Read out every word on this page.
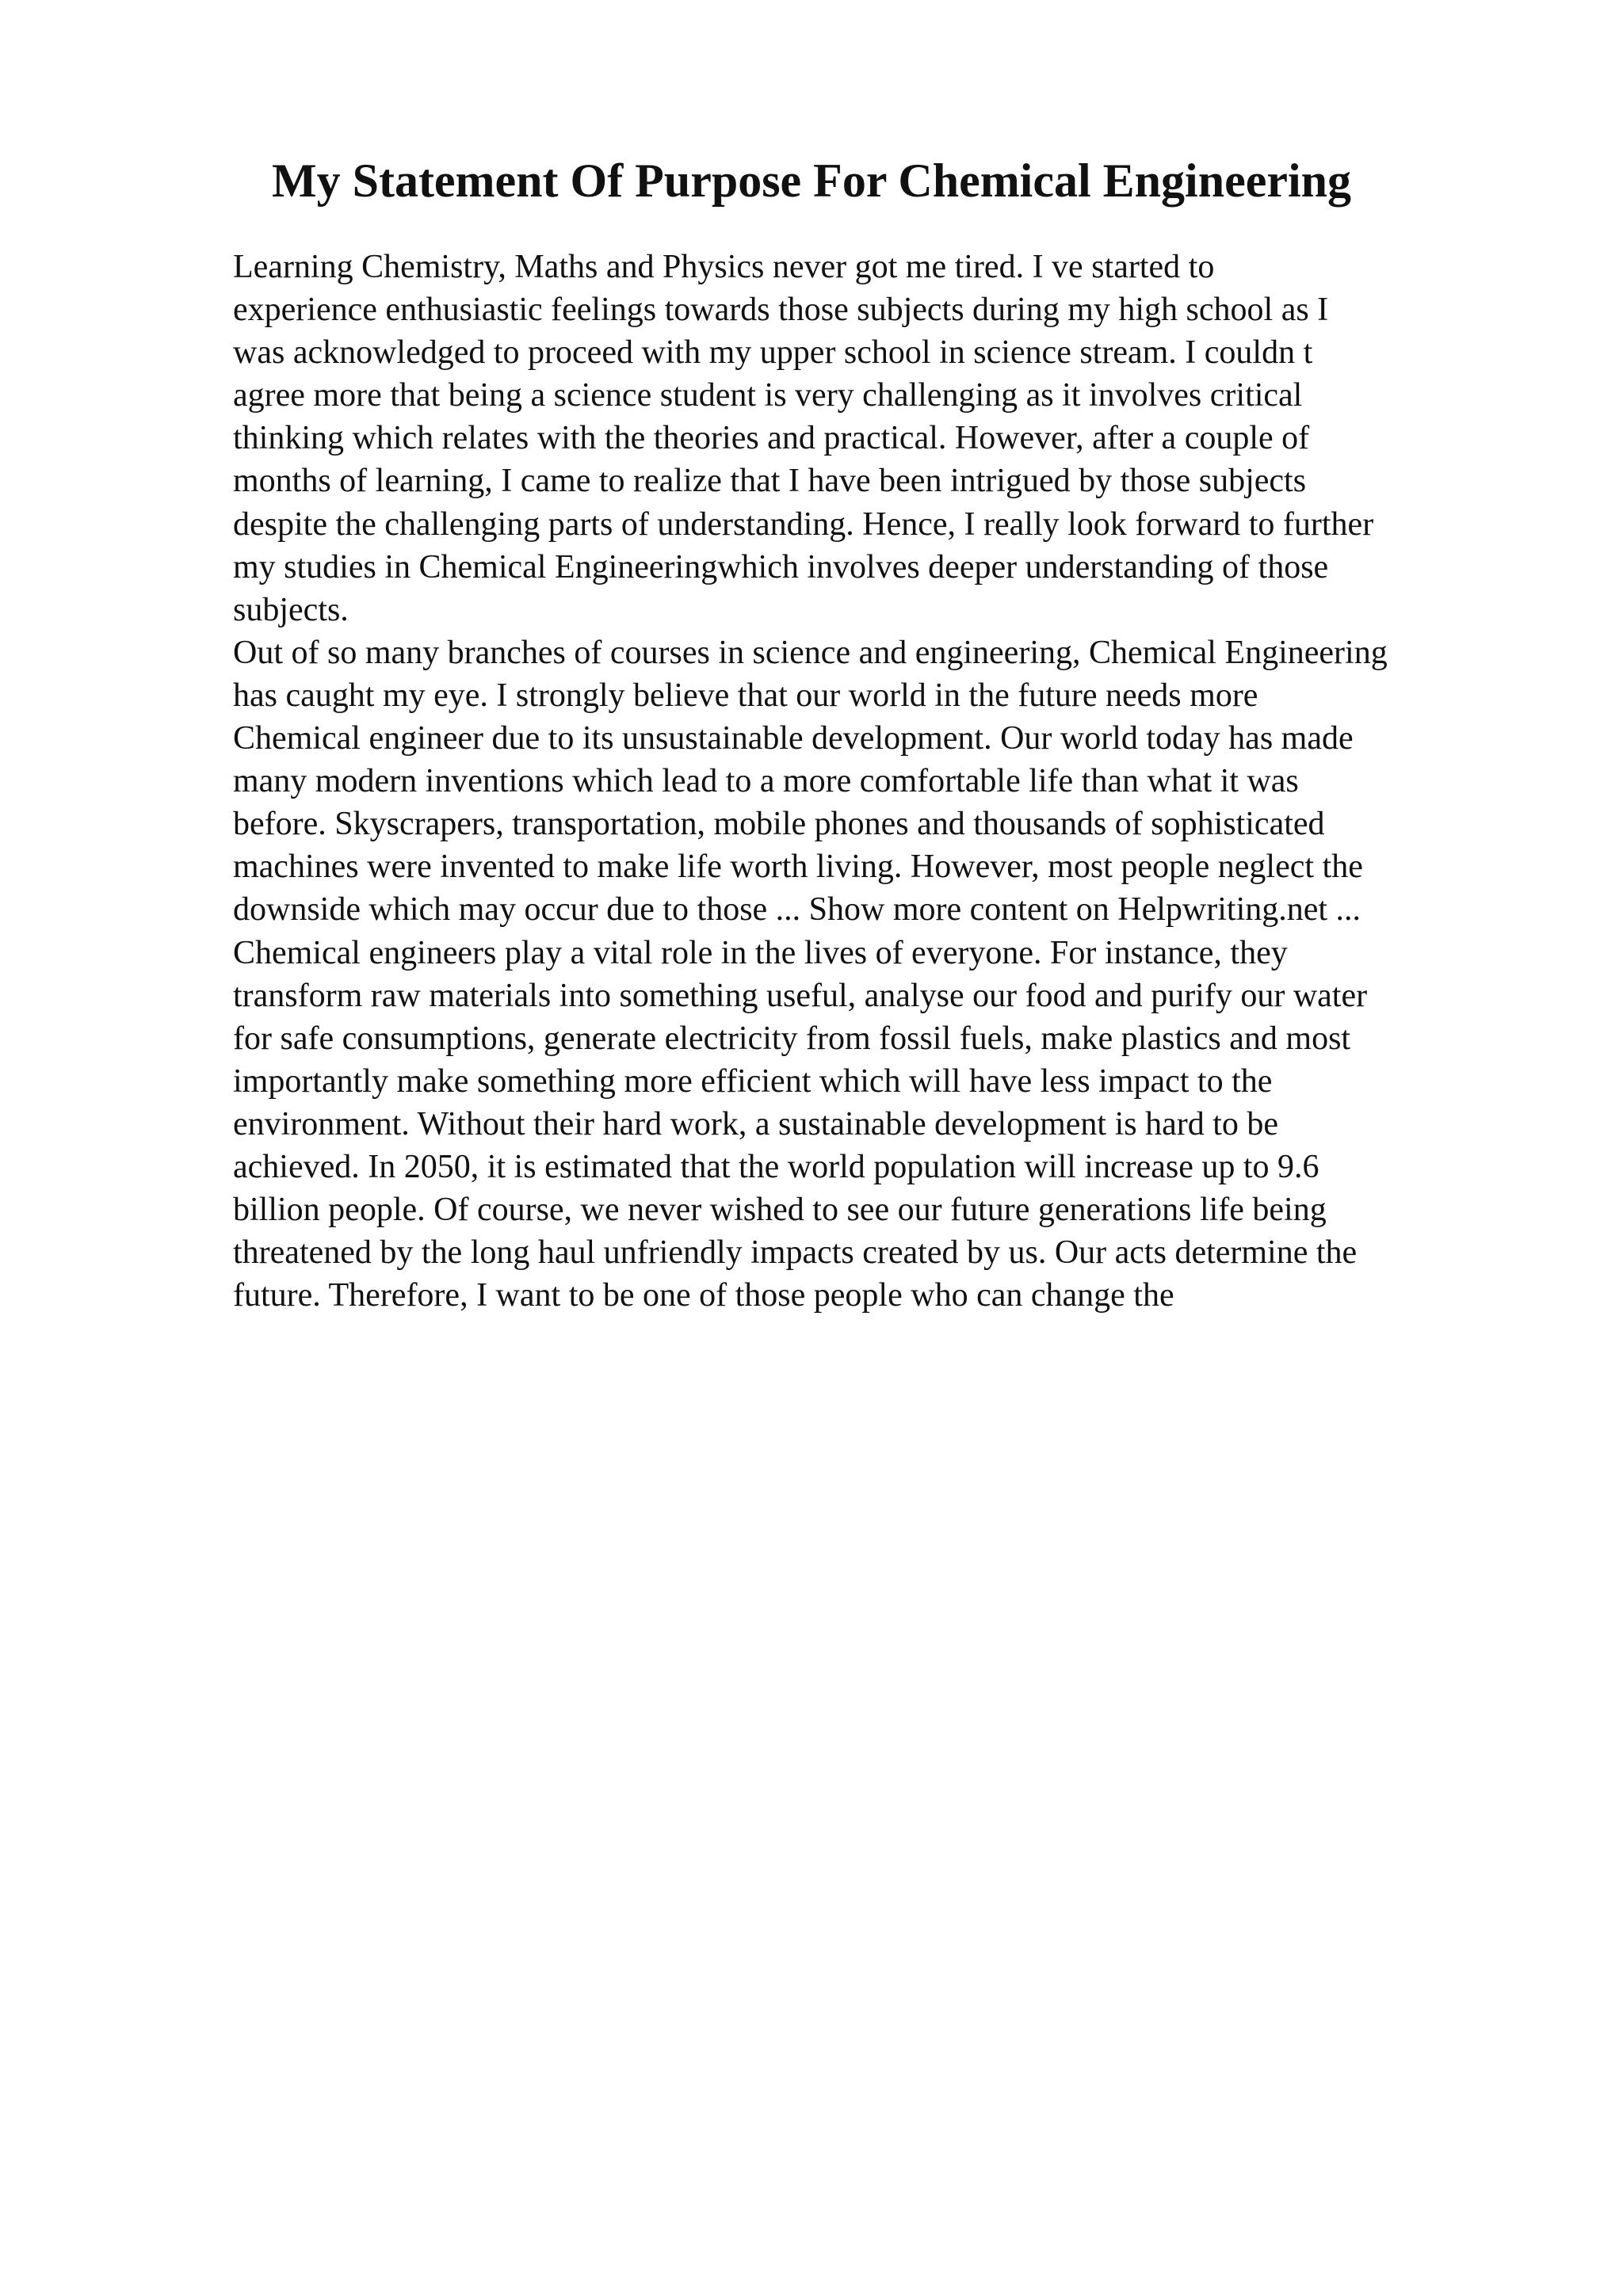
My Statement Of Purpose For Chemical Engineering
Learning Chemistry, Maths and Physics never got me tired. I ve started to
experience enthusiastic feelings towards those subjects during my high school as I
was acknowledged to proceed with my upper school in science stream. I couldn t
agree more that being a science student is very challenging as it involves critical
thinking which relates with the theories and practical. However, after a couple of
months of learning, I came to realize that I have been intrigued by those subjects
despite the challenging parts of understanding. Hence, I really look forward to further
my studies in Chemical Engineeringwhich involves deeper understanding of those
subjects.
Out of so many branches of courses in science and engineering, Chemical Engineering
has caught my eye. I strongly believe that our world in the future needs more
Chemical engineer due to its unsustainable development. Our world today has made
many modern inventions which lead to a more comfortable life than what it was
before. Skyscrapers, transportation, mobile phones and thousands of sophisticated
machines were invented to make life worth living. However, most people neglect the
downside which may occur due to those ... Show more content on Helpwriting.net ...
Chemical engineers play a vital role in the lives of everyone. For instance, they
transform raw materials into something useful, analyse our food and purify our water
for safe consumptions, generate electricity from fossil fuels, make plastics and most
importantly make something more efficient which will have less impact to the
environment. Without their hard work, a sustainable development is hard to be
achieved. In 2050, it is estimated that the world population will increase up to 9.6
billion people. Of course, we never wished to see our future generations life being
threatened by the long haul unfriendly impacts created by us. Our acts determine the
future. Therefore, I want to be one of those people who can change the
